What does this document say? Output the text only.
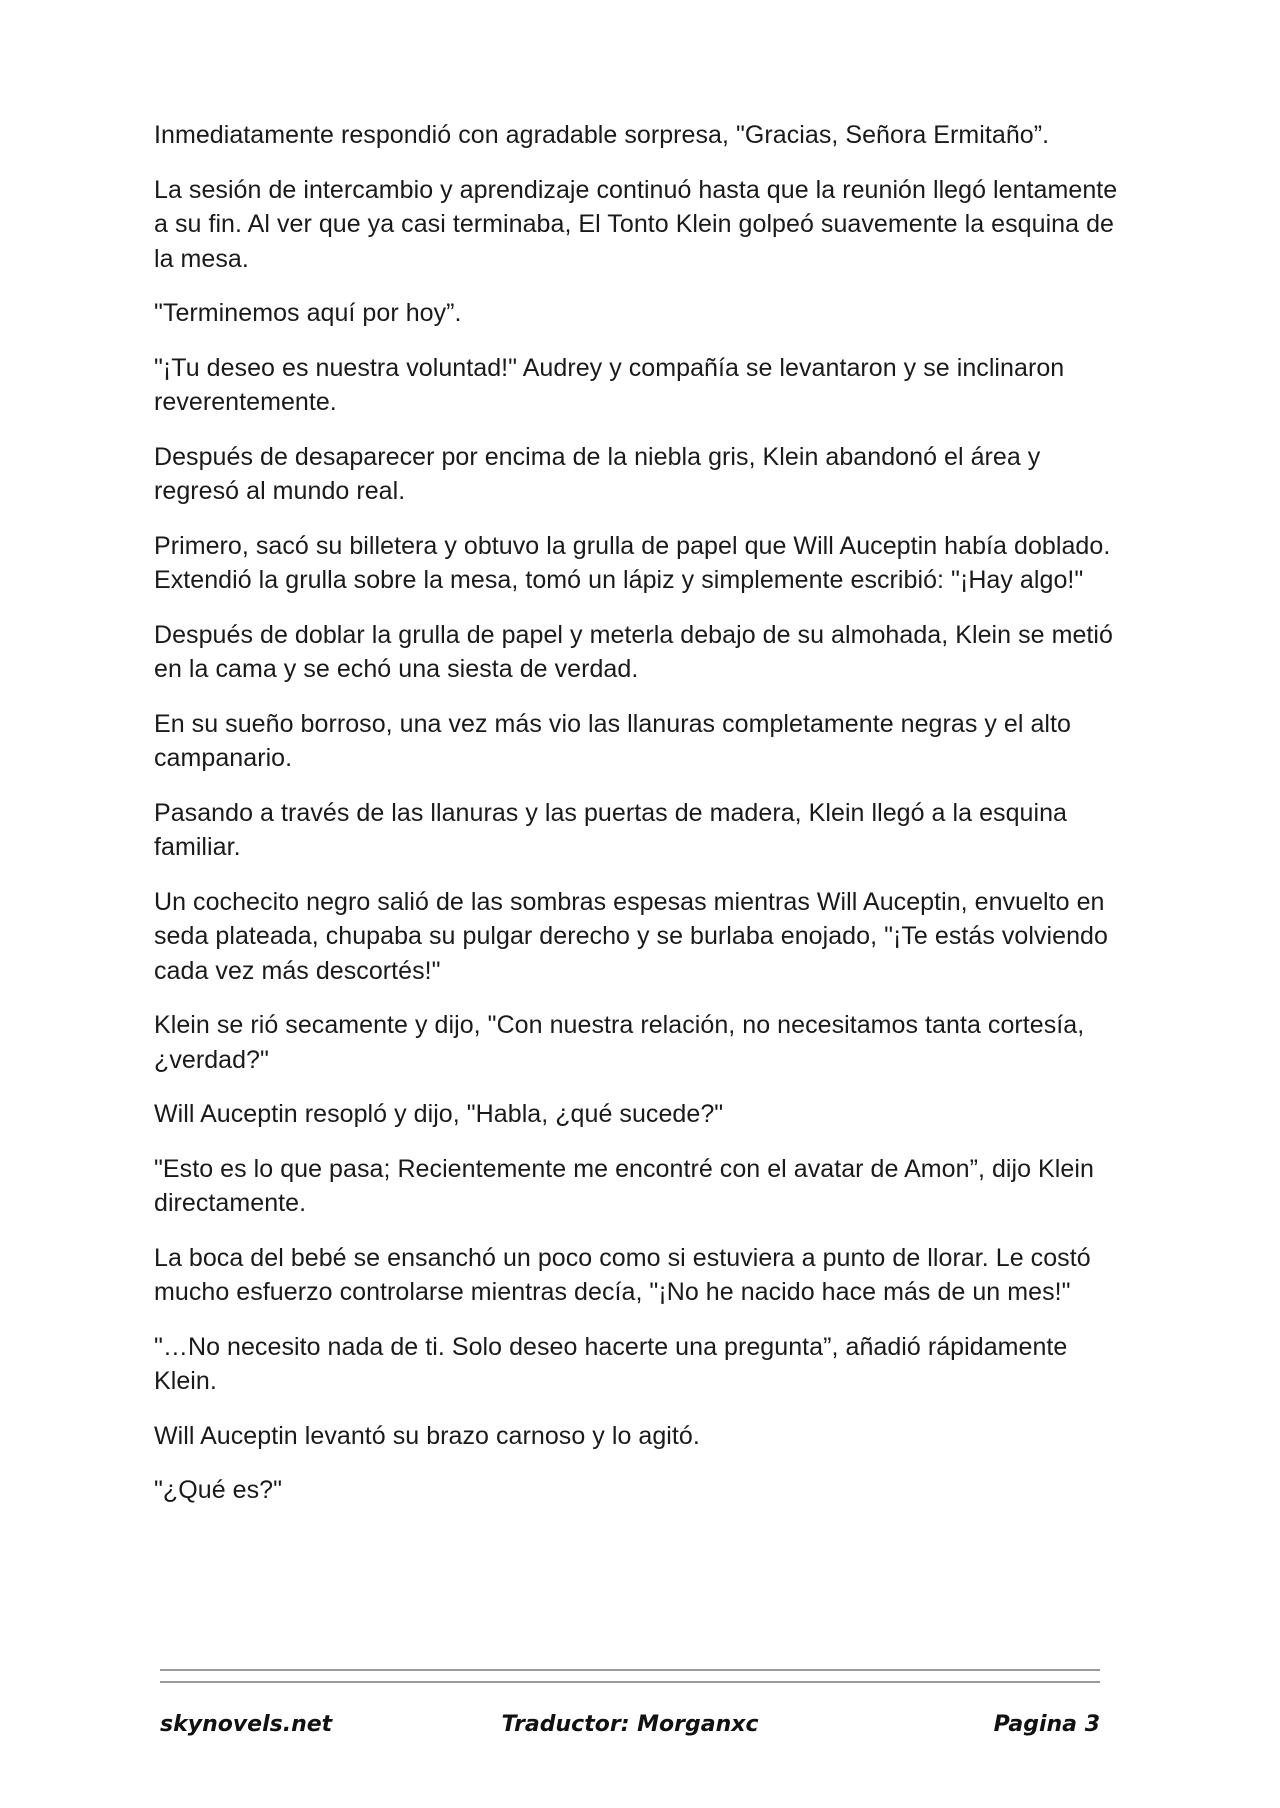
Inmediatamente respondió con agradable sorpresa, "Gracias, Señora Ermitaño”.

La sesión de intercambio y aprendizaje continuó hasta que la reunión llegó lentamente a su fin. Al ver que ya casi terminaba, El Tonto Klein golpeó suavemente la esquina de la mesa.

"Terminemos aquí por hoy”.

"¡Tu deseo es nuestra voluntad!" Audrey y compañía se levantaron y se inclinaron reverentemente.

Después de desaparecer por encima de la niebla gris, Klein abandonó el área y regresó al mundo real.

Primero, sacó su billetera y obtuvo la grulla de papel que Will Auceptin había doblado. Extendió la grulla sobre la mesa, tomó un lápiz y simplemente escribió: "¡Hay algo!"

Después de doblar la grulla de papel y meterla debajo de su almohada, Klein se metió en la cama y se echó una siesta de verdad.

En su sueño borroso, una vez más vio las llanuras completamente negras y el alto campanario.

Pasando a través de las llanuras y las puertas de madera, Klein llegó a la esquina familiar.

Un cochecito negro salió de las sombras espesas mientras Will Auceptin, envuelto en seda plateada, chupaba su pulgar derecho y se burlaba enojado, "¡Te estás volviendo cada vez más descortés!"

Klein se rió secamente y dijo, "Con nuestra relación, no necesitamos tanta cortesía, ¿verdad?"

Will Auceptin resopló y dijo, "Habla, ¿qué sucede?"

"Esto es lo que pasa; Recientemente me encontré con el avatar de Amon”, dijo Klein directamente.

La boca del bebé se ensanchó un poco como si estuviera a punto de llorar. Le costó mucho esfuerzo controlarse mientras decía, "¡No he nacido hace más de un mes!"

"…No necesito nada de ti. Solo deseo hacerte una pregunta”, añadió rápidamente Klein.

Will Auceptin levantó su brazo carnoso y lo agitó.

"¿Qué es?"

skynovels.net	Traductor: Morganxc	Pagina 3
